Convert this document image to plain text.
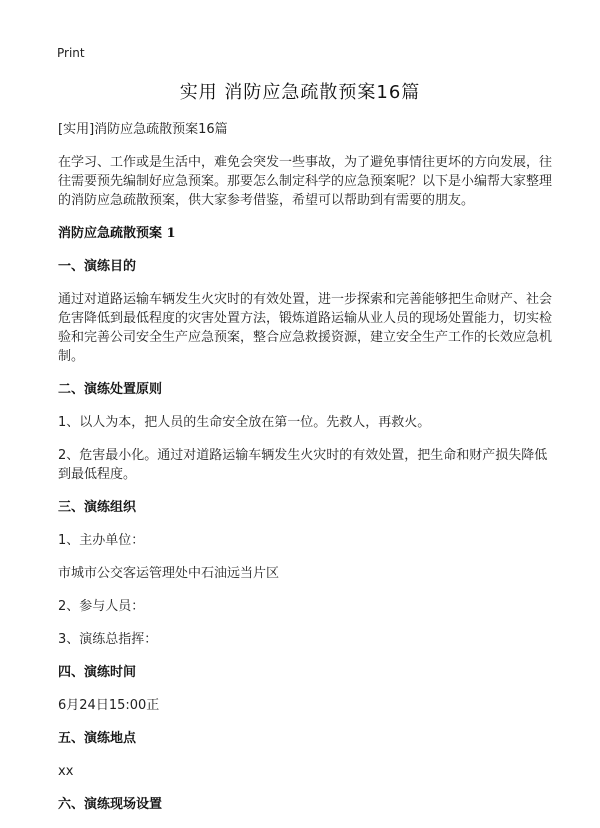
Print
实用 消防应急疏散预案16篇

[实用]消防应急疏散预案16篇

在学习、工作或是生活中，难免会突发一些事故，为了避免事情往更坏的方向发展，往往需要预先编制好应急预案。那要怎么制定科学的应急预案呢？以下是小编帮大家整理的消防应急疏散预案，供大家参考借鉴，希望可以帮助到有需要的朋友。

消防应急疏散预案 1

一、演练目的

通过对道路运输车辆发生火灾时的有效处置，进一步探索和完善能够把生命财产、社会危害降低到最低程度的灾害处置方法，锻炼道路运输从业人员的现场处置能力，切实检验和完善公司安全生产应急预案，整合应急救援资源，建立安全生产工作的长效应急机制。

二、演练处置原则

1、以人为本，把人员的生命安全放在第一位。先救人，再救火。

2、危害最小化。通过对道路运输车辆发生火灾时的有效处置，把生命和财产损失降低到最低程度。

三、演练组织

1、主办单位：

市城市公交客运管理处中石油远当片区

2、参与人员：

3、演练总指挥：

四、演练时间

6月24日15:00正

五、演练地点

xx

六、演练现场设置
